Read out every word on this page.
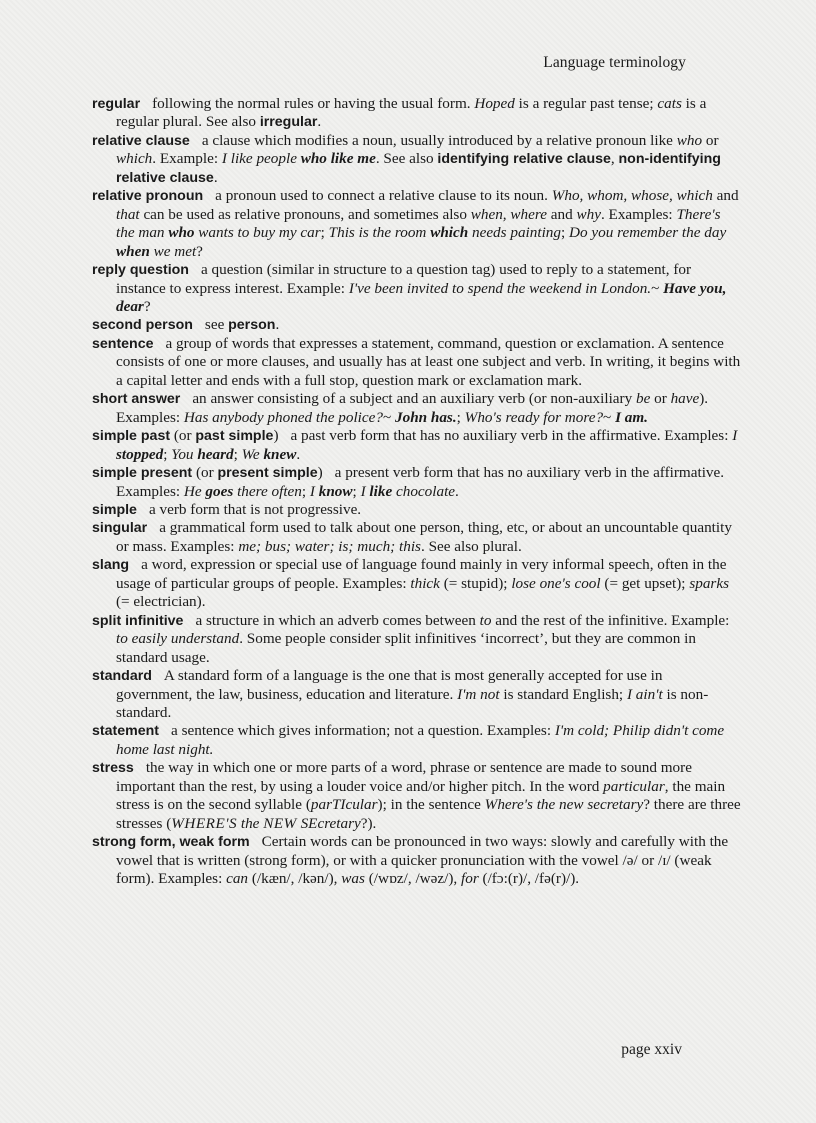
Language terminology

regular following the normal rules or having the usual form. Hoped is a regular past tense; cats is a regular plural. See also irregular.

relative clause a clause which modifies a noun, usually introduced by a relative pronoun like who or which. Example: I like people who like me. See also identifying relative clause, non-identifying relative clause.

relative pronoun a pronoun used to connect a relative clause to its noun. Who, whom, whose, which and that can be used as relative pronouns, and sometimes also when, where and why. Examples: There's the man who wants to buy my car; This is the room which needs painting; Do you remember the day when we met?

reply question a question (similar in structure to a question tag) used to reply to a statement, for instance to express interest. Example: I've been invited to spend the weekend in London.~ Have you, dear?

second person see person.

sentence a group of words that expresses a statement, command, question or exclamation. A sentence consists of one or more clauses, and usually has at least one subject and verb. In writing, it begins with a capital letter and ends with a full stop, question mark or exclamation mark.

short answer an answer consisting of a subject and an auxiliary verb (or non-auxiliary be or have). Examples: Has anybody phoned the police?~ John has.; Who's ready for more?~ I am.

simple past (or past simple) a past verb form that has no auxiliary verb in the affirmative. Examples: I stopped; You heard; We knew.

simple present (or present simple) a present verb form that has no auxiliary verb in the affirmative. Examples: He goes there often; I know; I like chocolate.

simple a verb form that is not progressive.

singular a grammatical form used to talk about one person, thing, etc, or about an uncountable quantity or mass. Examples: me; bus; water; is; much; this. See also plural.

slang a word, expression or special use of language found mainly in very informal speech, often in the usage of particular groups of people. Examples: thick (= stupid); lose one's cool (= get upset); sparks (= electrician).

split infinitive a structure in which an adverb comes between to and the rest of the infinitive. Example: to easily understand. Some people consider split infinitives ‘incorrect’, but they are common in standard usage.

standard A standard form of a language is the one that is most generally accepted for use in government, the law, business, education and literature. I'm not is standard English; I ain't is non-standard.

statement a sentence which gives information; not a question. Examples: I'm cold; Philip didn't come home last night.

stress the way in which one or more parts of a word, phrase or sentence are made to sound more important than the rest, by using a louder voice and/or higher pitch. In the word particular, the main stress is on the second syllable (parTIcular); in the sentence Where's the new secretary? there are three stresses (WHERE'S the NEW SEcretary?).

strong form, weak form Certain words can be pronounced in two ways: slowly and carefully with the vowel that is written (strong form), or with a quicker pronunciation with the vowel /ə/ or /ɪ/ (weak form). Examples: can (/kæn/, /kən/), was (/wɒz/, /wəz/), for (/fɔ:(r)/, /fə(r)/).

page xxiv
